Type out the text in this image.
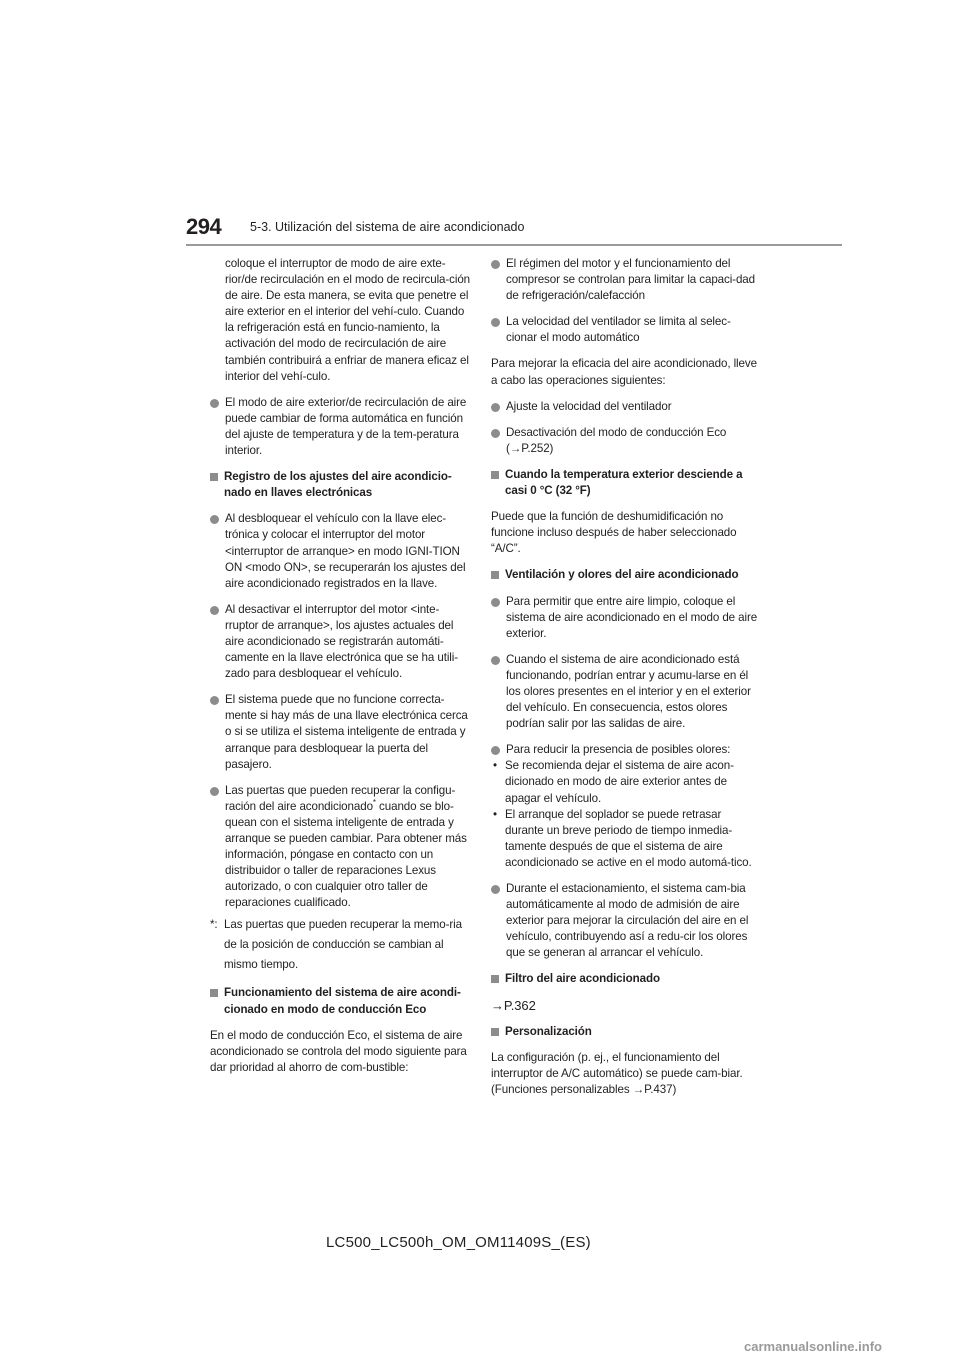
294 5-3. Utilización del sistema de aire acondicionado

coloque el interruptor de modo de aire exte-rior/de recirculación en el modo de recircula-ción de aire. De esta manera, se evita que penetre el aire exterior en el interior del vehí-culo. Cuando la refrigeración está en funcio-namiento, la activación del modo de recirculación de aire también contribuirá a enfriar de manera eficaz el interior del vehí-culo.

El modo de aire exterior/de recirculación de aire puede cambiar de forma automática en función del ajuste de temperatura y de la tem-peratura interior.
Registro de los ajustes del aire acondicio-nado en llaves electrónicas
Al desbloquear el vehículo con la llave elec-trónica y colocar el interruptor del motor <interruptor de arranque> en modo IGNI-TION ON <modo ON>, se recuperarán los ajustes del aire acondicionado registrados en la llave.
Al desactivar el interruptor del motor <inte-rruptor de arranque>, los ajustes actuales del aire acondicionado se registrarán automáti-camente en la llave electrónica que se ha utili-zado para desbloquear el vehículo.
El sistema puede que no funcione correcta-mente si hay más de una llave electrónica cerca o si se utiliza el sistema inteligente de entrada y arranque para desbloquear la puerta del pasajero.
Las puertas que pueden recuperar la configu-ración del aire acondicionado* cuando se blo-quean con el sistema inteligente de entrada y arranque se pueden cambiar. Para obtener más información, póngase en contacto con un distribuidor o taller de reparaciones Lexus autorizado, o con cualquier otro taller de reparaciones cualificado.
*: Las puertas que pueden recuperar la memo-ria de la posición de conducción se cambian al mismo tiempo.
Funcionamiento del sistema de aire acondi-cionado en modo de conducción Eco

En el modo de conducción Eco, el sistema de aire acondicionado se controla del modo siguiente para dar prioridad al ahorro de com-bustible:

El régimen del motor y el funcionamiento del compresor se controlan para limitar la capaci-dad de refrigeración/calefacción
La velocidad del ventilador se limita al selec-cionar el modo automático

Para mejorar la eficacia del aire acondicionado, lleve a cabo las operaciones siguientes:

Ajuste la velocidad del ventilador
Desactivación del modo de conducción Eco
(→P.252)
Cuando la temperatura exterior desciende a casi 0 °C (32 °F)

Puede que la función de deshumidificación no funcione incluso después de haber seleccionado “A/C”.

Ventilación y olores del aire acondicionado
Para permitir que entre aire limpio, coloque el sistema de aire acondicionado en el modo de aire exterior.
Cuando el sistema de aire acondicionado está funcionando, podrían entrar y acumu-larse en él los olores presentes en el interior y en el exterior del vehículo. En consecuencia, estos olores podrían salir por las salidas de aire.
Para reducir la presencia de posibles olores:
• Se recomienda dejar el sistema de aire acon-dicionado en modo de aire exterior antes de apagar el vehículo.
• El arranque del soplador se puede retrasar durante un breve periodo de tiempo inmedia-tamente después de que el sistema de aire acondicionado se active en el modo automá-tico.
Durante el estacionamiento, el sistema cam-bia automáticamente al modo de admisión de aire exterior para mejorar la circulación del aire en el vehículo, contribuyendo así a redu-cir los olores que se generan al arrancar el vehículo.
Filtro del aire acondicionado

→P.362

Personalización

La configuración (p. ej., el funcionamiento del interruptor de A/C automático) se puede cam-biar.

(Funciones personalizables →P.437)

LC500_LC500h_OM_OM11409S_(ES)
carmanualsonline.info
